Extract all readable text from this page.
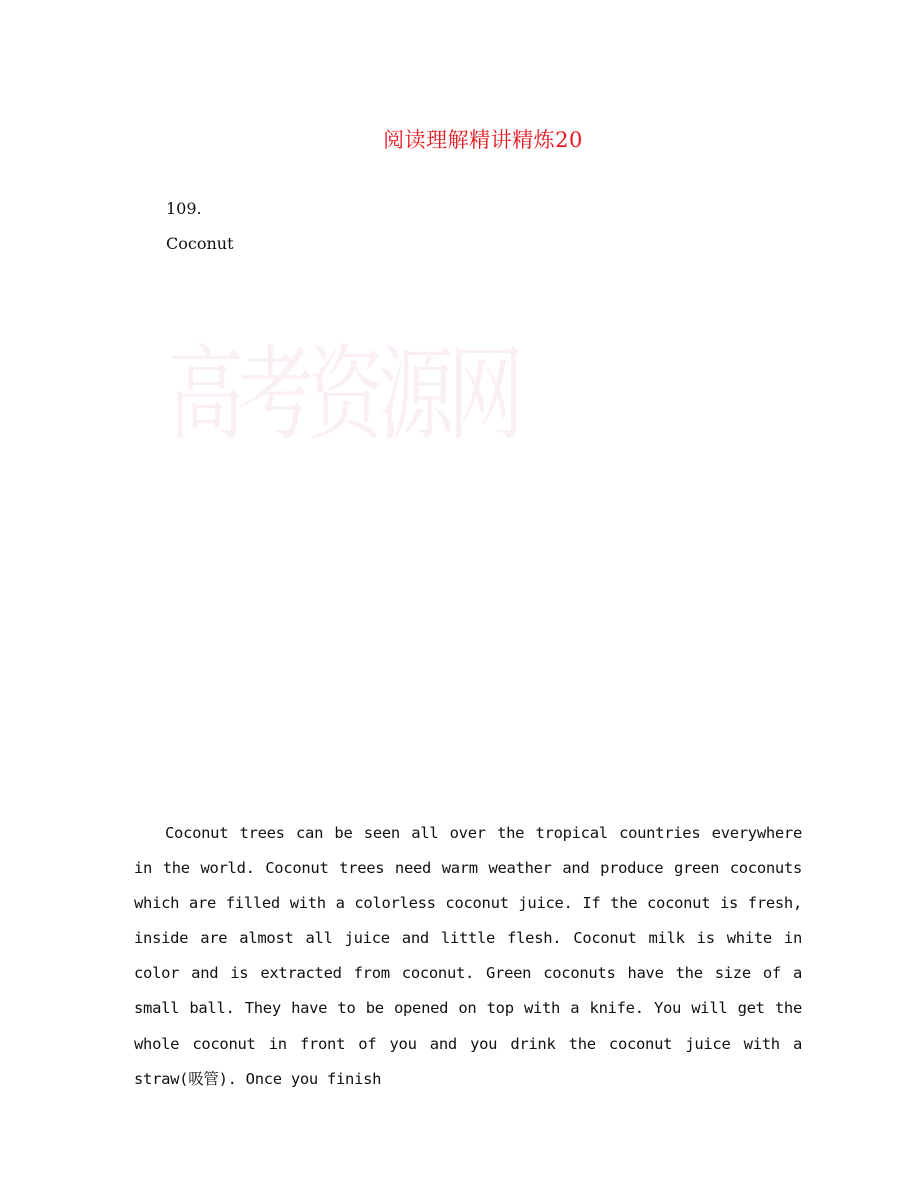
阅读理解精讲精炼20
109.
Coconut
高考资源网

Coconut trees can be seen all over the tropical countries everywhere in the world. Coconut trees need warm weather and produce green coconuts which are filled with a colorless coconut juice. If the coconut is fresh, inside are almost all juice and little flesh. Coconut milk is white in color and is extracted from coconut. Green coconuts have the size of a small ball. They have to be opened on top with a knife. You will get the whole coconut in front of you and you drink the coconut juice with a straw(吸管). Once you finish
